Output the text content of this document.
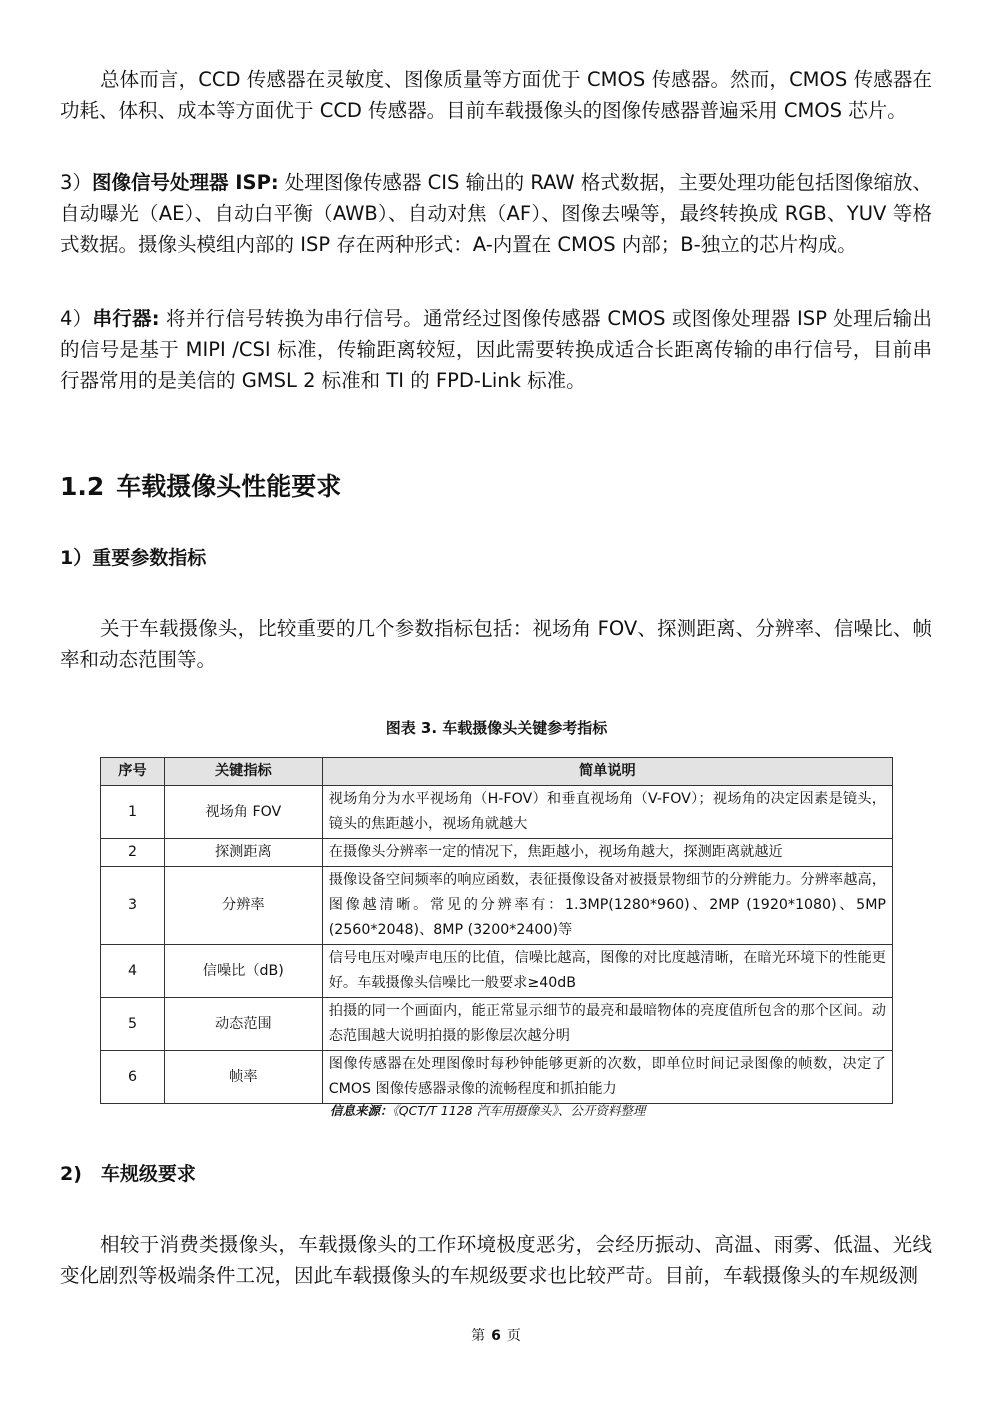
总体而言，CCD 传感器在灵敏度、图像质量等方面优于 CMOS 传感器。然而，CMOS 传感器在功耗、体积、成本等方面优于 CCD 传感器。目前车载摄像头的图像传感器普遍采用 CMOS 芯片。

3）图像信号处理器 ISP: 处理图像传感器 CIS 输出的 RAW 格式数据，主要处理功能包括图像缩放、自动曝光（AE）、自动白平衡（AWB）、自动对焦（AF）、图像去噪等，最终转换成 RGB、YUV 等格式数据。摄像头模组内部的 ISP 存在两种形式：A-内置在 CMOS 内部；B-独立的芯片构成。

4）串行器: 将并行信号转换为串行信号。通常经过图像传感器 CMOS 或图像处理器 ISP 处理后输出的信号是基于 MIPI /CSI 标准，传输距离较短，因此需要转换成适合长距离传输的串行信号，目前串行器常用的是美信的 GMSL 2 标准和 TI 的 FPD-Link 标准。

1.2 车载摄像头性能要求
1）重要参数指标

关于车载摄像头，比较重要的几个参数指标包括：视场角 FOV、探测距离、分辨率、信噪比、帧率和动态范围等。

图表 3. 车载摄像头关键参考指标

序号	关键指标	简单说明
1	视场角 FOV	视场角分为水平视场角（H-FOV）和垂直视场角（V-FOV）；视场角的决定因素是镜头，镜头的焦距越小，视场角就越大
2	探测距离	在摄像头分辨率一定的情况下，焦距越小，视场角越大，探测距离就越近
3	分辨率	摄像设备空间频率的响应函数，表征摄像设备对被摄景物细节的分辨能力。分辨率越高，图像越清晰。常见的分辨率有：1.3MP(1280*960)、2MP (1920*1080)、5MP (2560*2048)、8MP (3200*2400)等
4	信噪比（dB)	信号电压对噪声电压的比值，信噪比越高，图像的对比度越清晰，在暗光环境下的性能更好。车载摄像头信噪比一般要求≥40dB
5	动态范围	拍摄的同一个画面内，能正常显示细节的最亮和最暗物体的亮度值所包含的那个区间。动态范围越大说明拍摄的影像层次越分明
6	帧率	图像传感器在处理图像时每秒钟能够更新的次数，即单位时间记录图像的帧数，决定了 CMOS 图像传感器录像的流畅程度和抓拍能力

信息来源：《QCT/T 1128 汽车用摄像头》、公开资料整理

2)　车规级要求

相较于消费类摄像头，车载摄像头的工作环境极度恶劣，会经历振动、高温、雨雾、低温、光线变化剧烈等极端条件工况，因此车载摄像头的车规级要求也比较严苛。目前，车载摄像头的车规级测

第 6 页
